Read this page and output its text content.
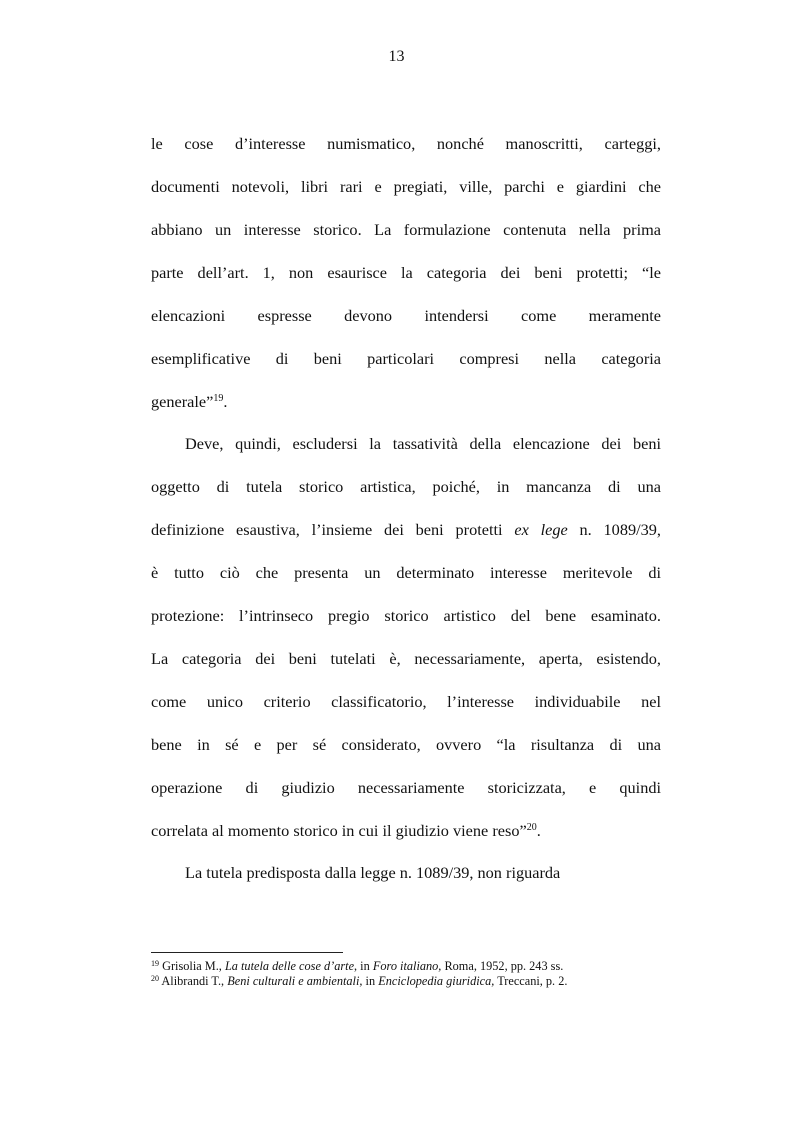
13
le cose d’interesse numismatico, nonché manoscritti, carteggi,
documenti notevoli, libri rari e pregiati, ville, parchi e giardini che
abbiano un interesse storico. La formulazione contenuta nella prima
parte dell’art. 1, non esaurisce la categoria dei beni protetti; “le
elencazioni espresse devono intendersi come meramente
esemplificative di beni particolari compresi nella categoria
generale”$^{19}$.
Deve, quindi, escludersi la tassatività della elencazione dei beni
oggetto di tutela storico artistica, poiché, in mancanza di una
definizione esaustiva, l’insieme dei beni protetti ex lege n. 1089/39,
è tutto ciò che presenta un determinato interesse meritevole di
protezione: l’intrinseco pregio storico artistico del bene esaminato.
La categoria dei beni tutelati è, necessariamente, aperta, esistendo,
come unico criterio classificatorio, l’interesse individuabile nel
bene in sé e per sé considerato, ovvero “la risultanza di una
operazione di giudizio necessariamente storicizzata, e quindi
correlata al momento storico in cui il giudizio viene reso”$^{20}$.
La tutela predisposta dalla legge n. 1089/39, non riguarda
$^{19}$ Grisolia M., La tutela delle cose d’arte, in Foro italiano, Roma, 1952, pp. 243 ss.
$^{20}$ Alibrandi T., Beni culturali e ambientali, in Enciclopedia giuridica, Treccani, p. 2.
